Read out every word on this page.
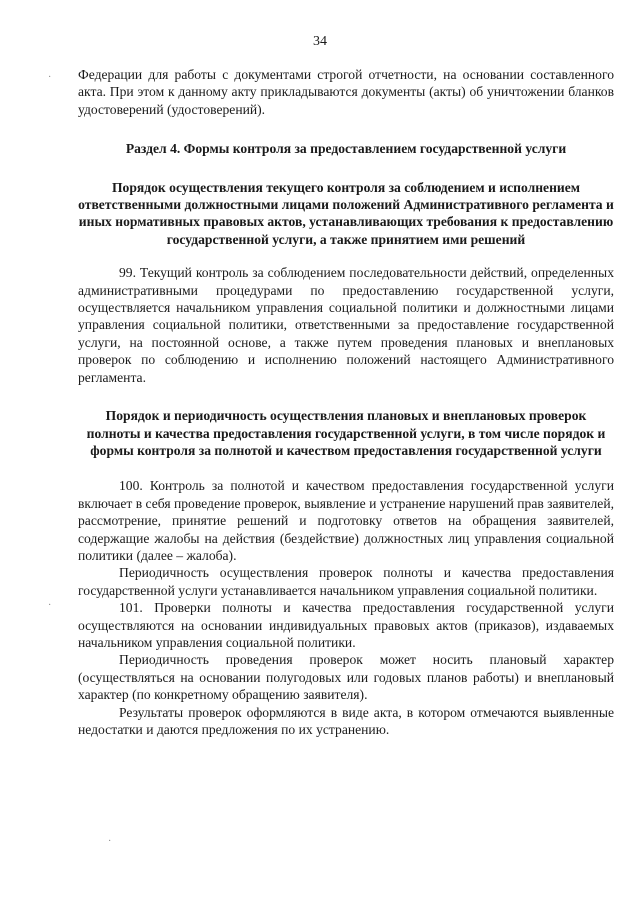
34

Федерации для работы с документами строгой отчетности, на основании составленного акта. При этом к данному акту прикладываются документы (акты) об уничтожении бланков удостоверений (удостоверений).

Раздел 4. Формы контроля за предоставлением государственной услуги

Порядок осуществления текущего контроля за соблюдением и исполнением ответственными должностными лицами положений Административного регламента и иных нормативных правовых актов, устанавливающих требования к предоставлению государственной услуги, а также принятием ими решений

99. Текущий контроль за соблюдением последовательности действий, определенных административными процедурами по предоставлению государственной услуги, осуществляется начальником управления социальной политики и должностными лицами управления социальной политики, ответственными за предоставление государственной услуги, на постоянной основе, а также путем проведения плановых и внеплановых проверок по соблюдению и исполнению положений настоящего Административного регламента.

Порядок и периодичность осуществления плановых и внеплановых проверок полноты и качества предоставления государственной услуги, в том числе порядок и формы контроля за полнотой и качеством предоставления государственной услуги

100. Контроль за полнотой и качеством предоставления государственной услуги включает в себя проведение проверок, выявление и устранение нарушений прав заявителей, рассмотрение, принятие решений и подготовку ответов на обращения заявителей, содержащие жалобы на действия (бездействие) должностных лиц управления социальной политики (далее – жалоба).

Периодичность осуществления проверок полноты и качества предоставления государственной услуги устанавливается начальником управления социальной политики.

101. Проверки полноты и качества предоставления государственной услуги осуществляются на основании индивидуальных правовых актов (приказов), издаваемых начальником управления социальной политики.

Периодичность проведения проверок может носить плановый характер (осуществляться на основании полугодовых или годовых планов работы) и внеплановый характер (по конкретному обращению заявителя).

Результаты проверок оформляются в виде акта, в котором отмечаются выявленные недостатки и даются предложения по их устранению.

·
·
·
